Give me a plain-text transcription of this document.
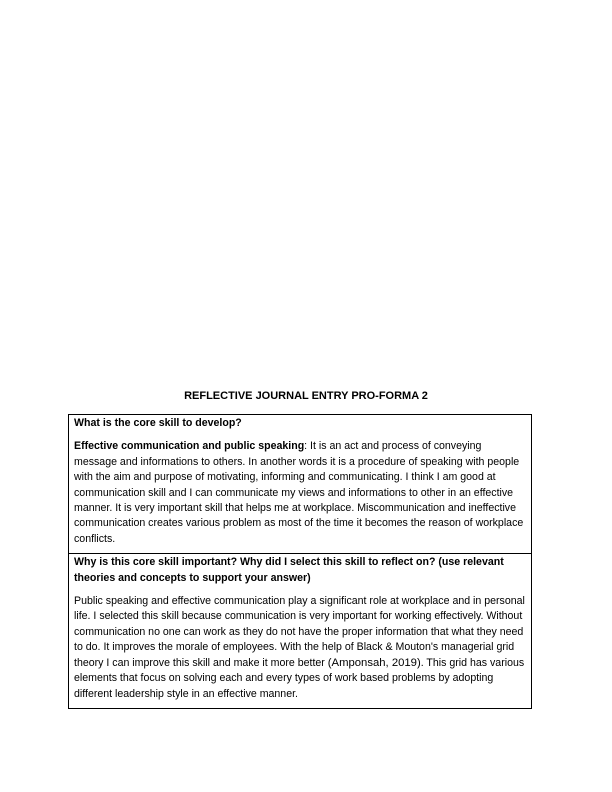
REFLECTIVE JOURNAL ENTRY PRO-FORMA 2

What is the core skill to develop?

Effective communication and public speaking: It is an act and process of conveying message and informations to others. In another words it is a procedure of speaking with people with the aim and purpose of motivating, informing and communicating. I think I am good at communication skill and I can communicate my views and informations to other in an effective manner. It is very important skill that helps me at workplace. Miscommunication and ineffective communication creates various problem as most of the time it becomes the reason of workplace conflicts.

Why is this core skill important? Why did I select this skill to reflect on? (use relevant theories and concepts to support your answer)

Public speaking and effective communication play a significant role at workplace and in personal life. I selected this skill because communication is very important for working effectively. Without communication no one can work as they do not have the proper information that what they need to do. It improves the morale of employees. With the help of Black & Mouton's managerial grid theory I can improve this skill and make it more better (Amponsah, 2019). This grid has various elements that focus on solving each and every types of work based problems by adopting different leadership style in an effective manner.
